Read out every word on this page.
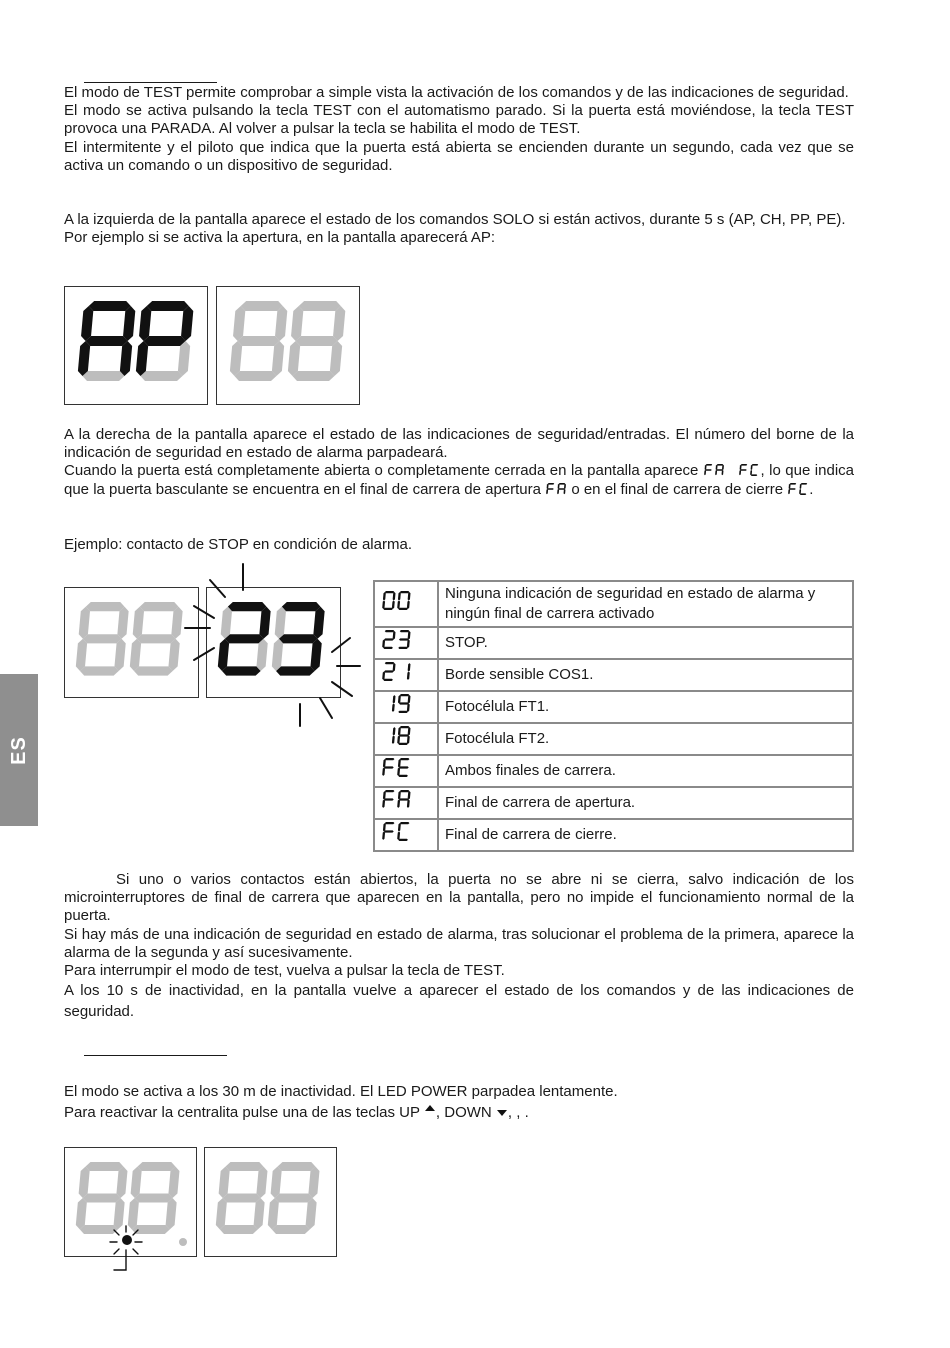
ES

El modo de TEST permite comprobar a simple vista la activación de los comandos y de las indicaciones de seguridad.

El modo se activa pulsando la tecla TEST con el automatismo parado. Si la puerta está moviéndose, la tecla TEST provoca una PARADA. Al volver a pulsar la tecla se habilita el modo de TEST.

El intermitente y el piloto que indica que la puerta está abierta se encienden durante un segundo, cada vez que se activa un comando o un dispositivo de seguridad.

A la izquierda de la pantalla aparece el estado de los comandos SOLO si están activos, durante 5 s (AP, CH, PP, PE).

Por ejemplo si se activa la apertura, en la pantalla aparecerá AP:

A la derecha de la pantalla aparece el estado de las indicaciones de seguridad/entradas. El número del borne de la indicación de seguridad en estado de alarma parpadeará.

Cuando la puerta está completamente abierta o completamente cerrada en la pantalla aparece	, lo que indica que la puerta basculante se encuentra en el final de carrera de apertura o en el final de carrera de cierre .

Ejemplo: contacto de STOP en condición de alarma.
	Ninguna indicación de seguridad en estado de alarma y ningún final de carrera activado
	STOP.
	Borde sensible COS1.
	Fotocélula FT1.
	Fotocélula FT2.
	Ambos finales de carrera.
	Final de carrera de apertura.
	Final de carrera de cierre.

Si uno o varios contactos están abiertos, la puerta no se abre ni se cierra, salvo indicación de los microinterruptores de final de carrera que aparecen en la pantalla, pero no impide el funcionamiento normal de la puerta.

Si hay más de una indicación de seguridad en estado de alarma, tras solucionar el problema de la primera, aparece la alarma de la segunda y así sucesivamente.

Para interrumpir el modo de test, vuelva a pulsar la tecla de TEST.

A los 10 s de inactividad, en la pantalla vuelve a aparecer el estado de los comandos y de las indicaciones de seguridad.

El modo se activa a los 30 m de inactividad. El LED POWER parpadea lentamente.

Para reactivar la centralita pulse una de las teclas UP , DOWN , , .
